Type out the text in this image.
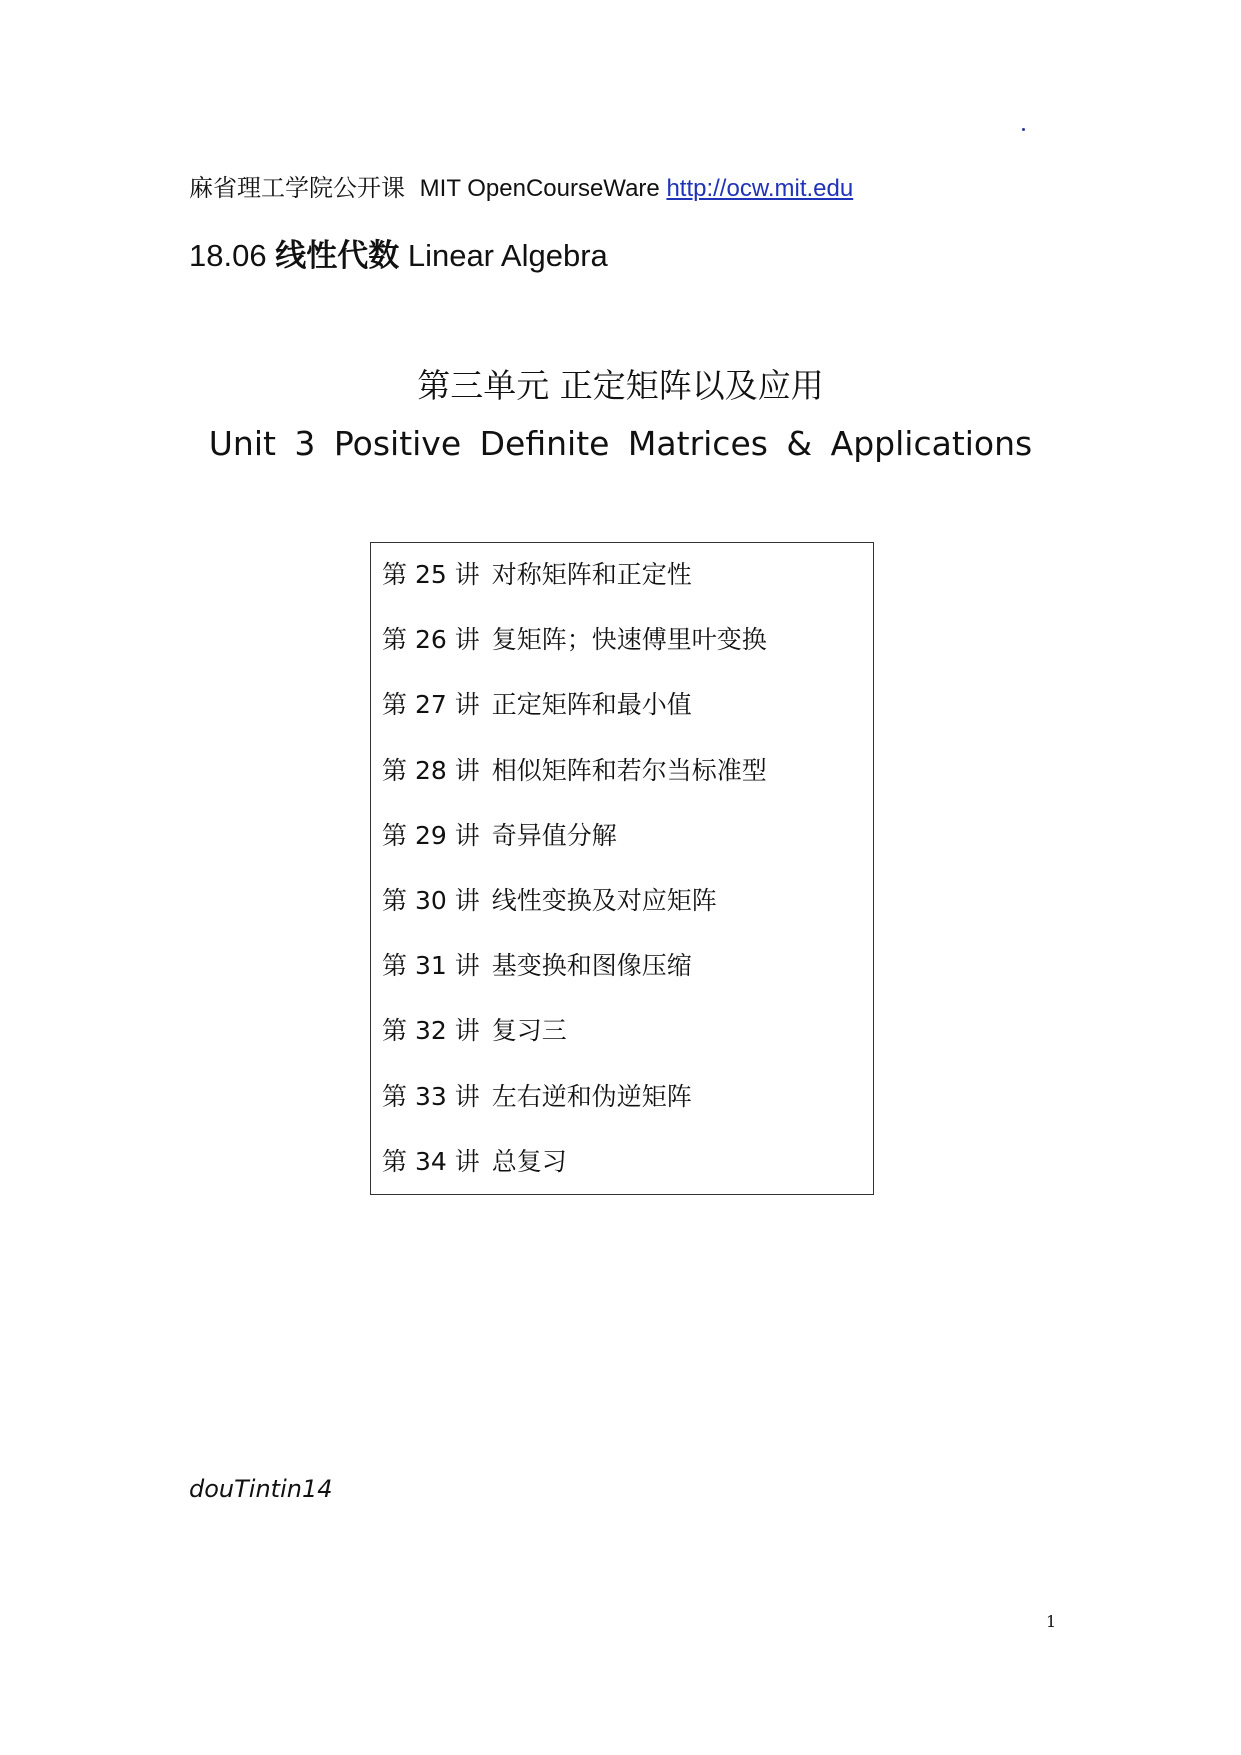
麻省理工学院公开课 MIT OpenCourseWare http://ocw.mit.edu
18.06 线性代数 Linear Algebra
第三单元 正定矩阵以及应用
Unit 3 Positive Definite Matrices & Applications
第 25 讲 对称矩阵和正定性
第 26 讲 复矩阵；快速傅里叶变换
第 27 讲 正定矩阵和最小值
第 28 讲 相似矩阵和若尔当标准型
第 29 讲 奇异值分解
第 30 讲 线性变换及对应矩阵
第 31 讲 基变换和图像压缩
第 32 讲 复习三
第 33 讲 左右逆和伪逆矩阵
第 34 讲 总复习
douTintin14
1
